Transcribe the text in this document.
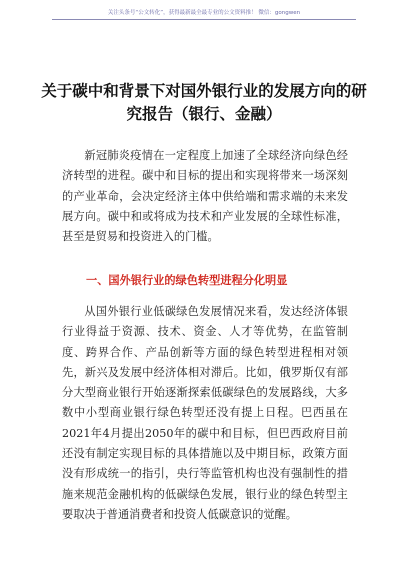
关注头条号“公文转化”，获得最新最全最专业的公文资料推！ 微信：gongwen
关于碳中和背景下对国外银行业的发展方向的研究报告（银行、金融）

新冠肺炎疫情在一定程度上加速了全球经济向绿色经济转型的进程。碳中和目标的提出和实现将带来一场深刻的产业革命，会决定经济主体中供给端和需求端的未来发展方向。碳中和或将成为技术和产业发展的全球性标准，甚至是贸易和投资进入的门槛。

一、国外银行业的绿色转型进程分化明显

从国外银行业低碳绿色发展情况来看，发达经济体银行业得益于资源、技术、资金、人才等优势，在监管制度、跨界合作、产品创新等方面的绿色转型进程相对领先，新兴及发展中经济体相对滞后。比如，俄罗斯仅有部分大型商业银行开始逐渐探索低碳绿色的发展路线，大多数中小型商业银行绿色转型还没有提上日程。巴西虽在2021年4月提出2050年的碳中和目标，但巴西政府目前还没有制定实现目标的具体措施以及中期目标，政策方面没有形成统一的指引，央行等监管机构也没有强制性的措施来规范金融机构的低碳绿色发展，银行业的绿色转型主要取决于普通消费者和投资人低碳意识的觉醒。
